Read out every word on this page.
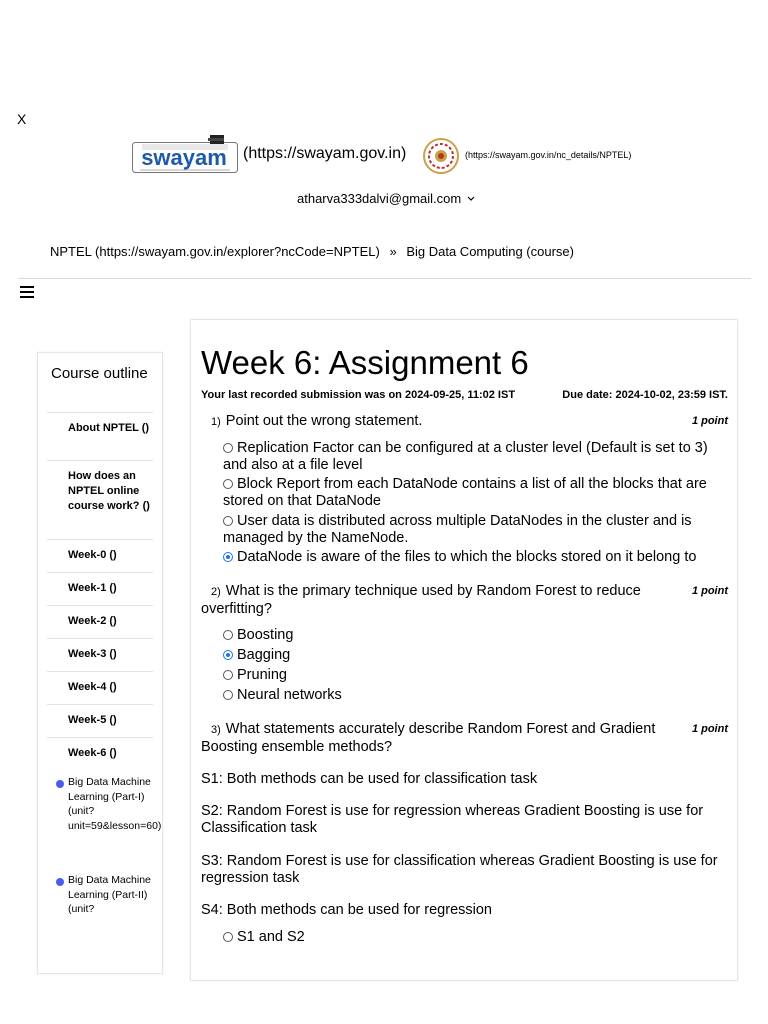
X
swayam (https://swayam.gov.in)	(https://swayam.gov.in/nc_details/NPTEL)
atharva333dalvi@gmail.com
NPTEL (https://swayam.gov.in/explorer?ncCode=NPTEL) » Big Data Computing (course)
Course outline
About NPTEL ()
How does an NPTEL online course work? ()
Week-0 ()
Week-1 ()
Week-2 ()
Week-3 ()
Week-4 ()
Week-5 ()
Week-6 ()
Big Data Machine Learning (Part-I) (unit?unit=59&lesson=60)
Big Data Machine Learning (Part-II) (unit?
Week 6: Assignment 6
Your last recorded submission was on 2024-09-25, 11:02 IST	Due date: 2024-10-02, 23:59 IST.
1) Point out the wrong statement.	1 point
Replication Factor can be configured at a cluster level (Default is set to 3) and also at a file level
Block Report from each DataNode contains a list of all the blocks that are stored on that DataNode
User data is distributed across multiple DataNodes in the cluster and is managed by the NameNode.
DataNode is aware of the files to which the blocks stored on it belong to
2) What is the primary technique used by Random Forest to reduce overfitting?
1 point
Boosting
Bagging
Pruning
Neural networks
3) What statements accurately describe Random Forest and Gradient Boosting ensemble methods?
1 point
S1: Both methods can be used for classification task
S2: Random Forest is use for regression whereas Gradient Boosting is use for Classification task
S3: Random Forest is use for classification whereas Gradient Boosting is use for regression task
S4: Both methods can be used for regression
S1 and S2
